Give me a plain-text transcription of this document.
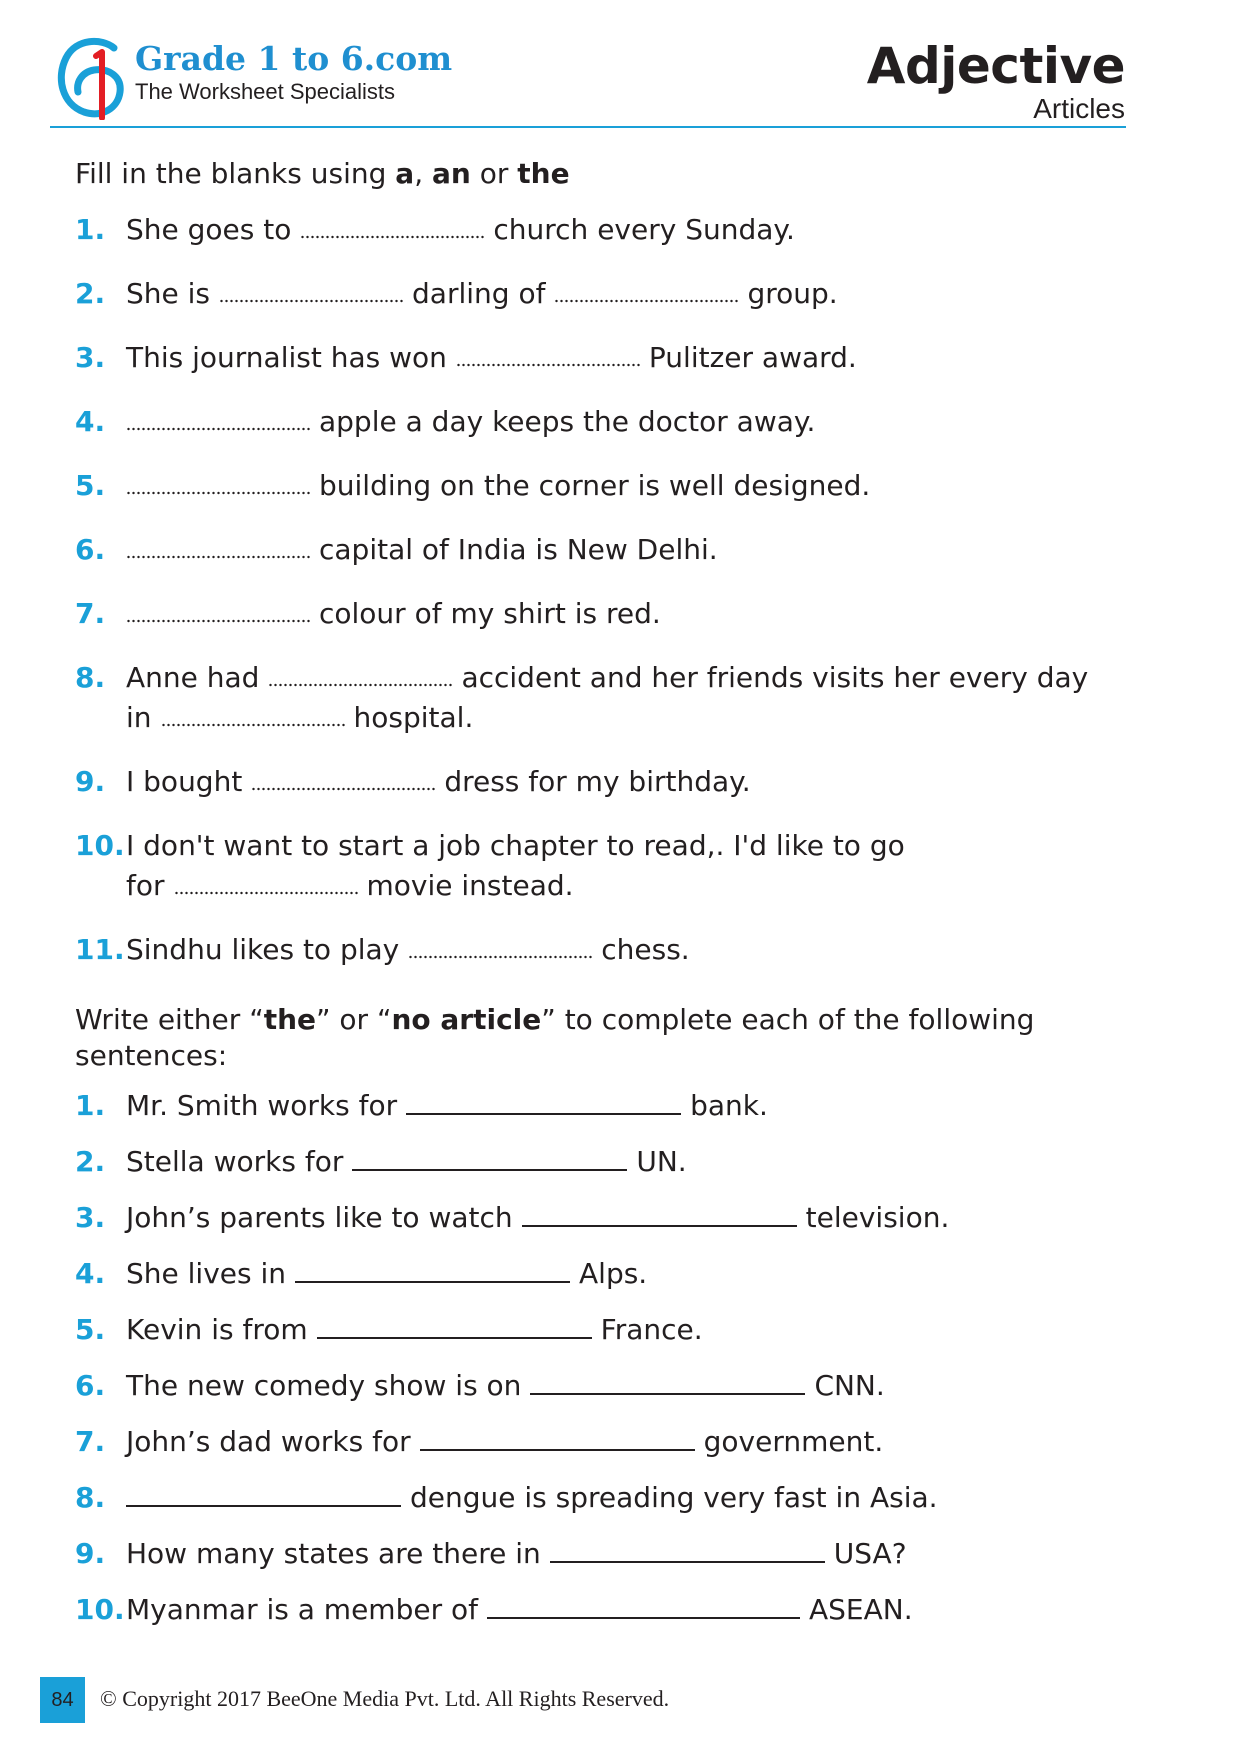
Grade 1 to 6.com
The Worksheet Specialists	Adjective
Articles

Fill in the blanks using a, an or the

1. She goes to	church every Sunday.
2. She is	darling of	group.
3. This journalist has won	Pulitzer award.
4.	apple a day keeps the doctor away.
5.	building on the corner is well designed.
6.	capital of India is New Delhi.
7.	colour of my shirt is red.
8. Anne had	accident and her friends visits her every day
in	hospital.
9. I bought	dress for my birthday.
10. I don't want to start a job chapter to read,. I'd like to go
for	movie instead.
11. Sindhu likes to play	chess.

Write either “the” or “no article” to complete each of the following sentences:

1. Mr. Smith works for	bank.
2. Stella works for	UN.
3. John’s parents like to watch	television.
4. She lives in	Alps.
5. Kevin is from	France.
6. The new comedy show is on	CNN.
7. John’s dad works for	government.
8.	dengue is spreading very fast in Asia.
9. How many states are there in	USA?
10. Myanmar is a member of	ASEAN.
84	© Copyright 2017 BeeOne Media Pvt. Ltd. All Rights Reserved.
